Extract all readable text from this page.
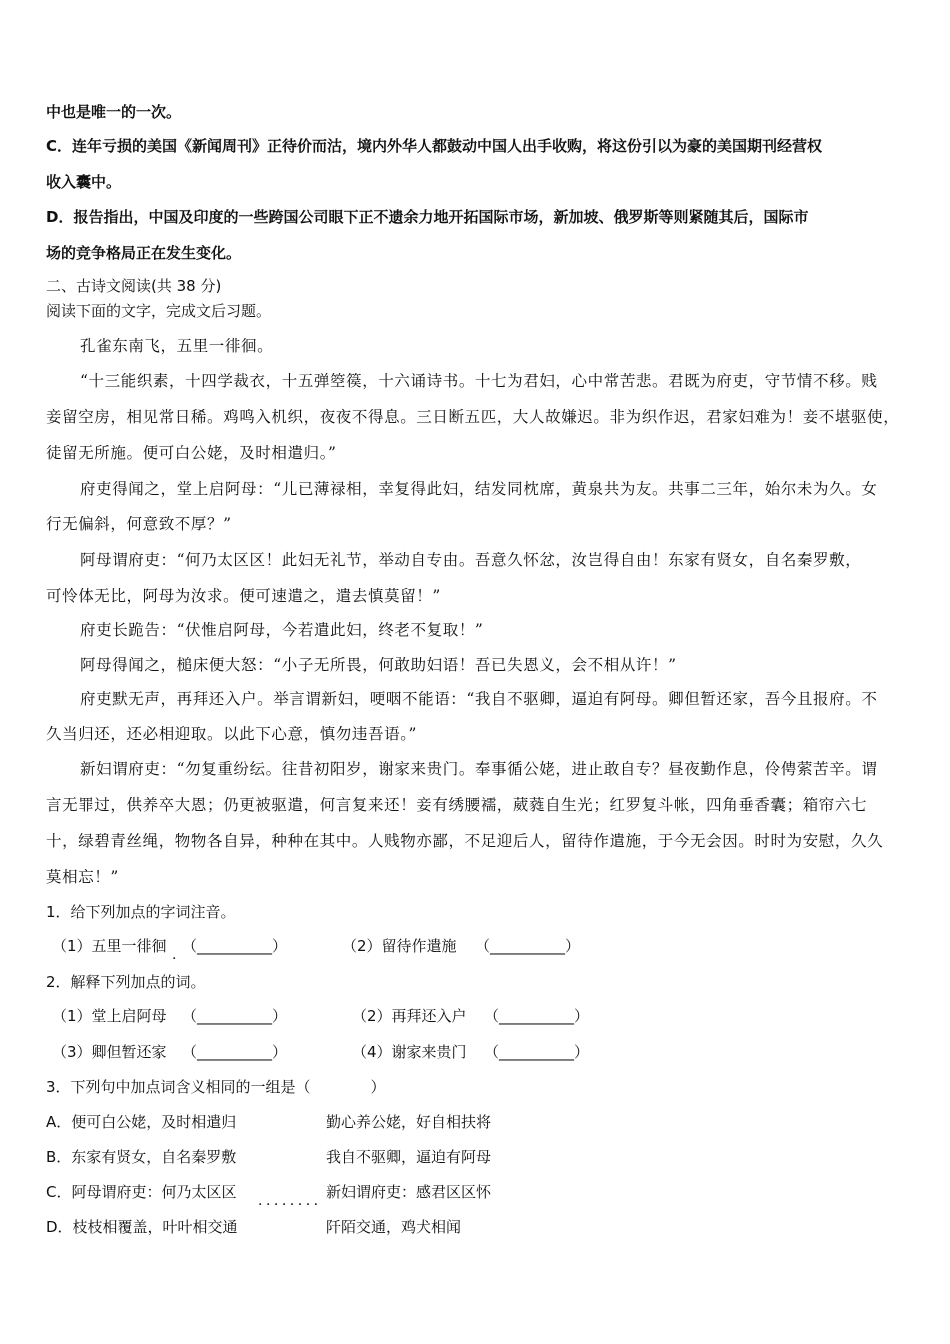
中也是唯一的一次。
C．连年亏损的美国《新闻周刊》正待价而沽，境内外华人都鼓动中国人出手收购，将这份引以为豪的美国期刊经营权
收入囊中。
D．报告指出，中国及印度的一些跨国公司眼下正不遗余力地开拓国际市场，新加坡、俄罗斯等则紧随其后，国际市
场的竞争格局正在发生变化。
二、古诗文阅读(共 38 分)
阅读下面的文字，完成文后习题。
孔雀东南飞，五里一徘徊。
“十三能织素，十四学裁衣，十五弹箜篌，十六诵诗书。十七为君妇，心中常苦悲。君既为府吏，守节情不移。贱
妾留空房，相见常日稀。鸡鸣入机织，夜夜不得息。三日断五匹，大人故嫌迟。非为织作迟，君家妇难为！妾不堪驱使，
徒留无所施。便可白公姥，及时相遣归。”
府吏得闻之，堂上启阿母：“儿已薄禄相，幸复得此妇，结发同枕席，黄泉共为友。共事二三年，始尔未为久。女
行无偏斜，何意致不厚？”
阿母谓府吏：“何乃太区区！此妇无礼节，举动自专由。吾意久怀忿，汝岂得自由！东家有贤女，自名秦罗敷，
可怜体无比，阿母为汝求。便可速遣之，遣去慎莫留！”
府吏长跪告：“伏惟启阿母，今若遣此妇，终老不复取！”
阿母得闻之，槌床便大怒：“小子无所畏，何敢助妇语！吾已失恩义，会不相从许！”
府吏默无声，再拜还入户。举言谓新妇，哽咽不能语：“我自不驱卿，逼迫有阿母。卿但暂还家，吾今且报府。不
久当归还，还必相迎取。以此下心意，慎勿违吾语。”
新妇谓府吏：“勿复重纷纭。往昔初阳岁，谢家来贵门。奉事循公姥，进止敢自专？昼夜勤作息，伶俜萦苦辛。谓
言无罪过，供养卒大恩；仍更被驱遣，何言复来还！妾有绣腰襦，葳蕤自生光；红罗复斗帐，四角垂香囊；箱帘六七
十，绿碧青丝绳，物物各自异，种种在其中。人贱物亦鄙，不足迎后人，留待作遣施，于今无会因。时时为安慰，久久
莫相忘！”
1．给下列加点的字词注音。
（1）五里一徘徊 . （__________）	（2）留待作遣施 （__________）
2．解释下列加点的词。
（1）堂上启阿母 （__________）	（2）再拜还入户 （__________）
（3）卿但暂还家 （__________）	（4）谢家来贵门 （__________）
3．下列句中加点词含义相同的一组是（　　　　）
A．便可白公姥，及时相遣归	勤心养公姥，好自相扶将
B．东家有贤女，自名秦罗敷	我自不驱卿，逼迫有阿母
C．阿母谓府吏：何乃太区区 ........ 新妇谓府吏：感君区区怀
D．枝枝相覆盖，叶叶相交通	阡陌交通，鸡犬相闻
